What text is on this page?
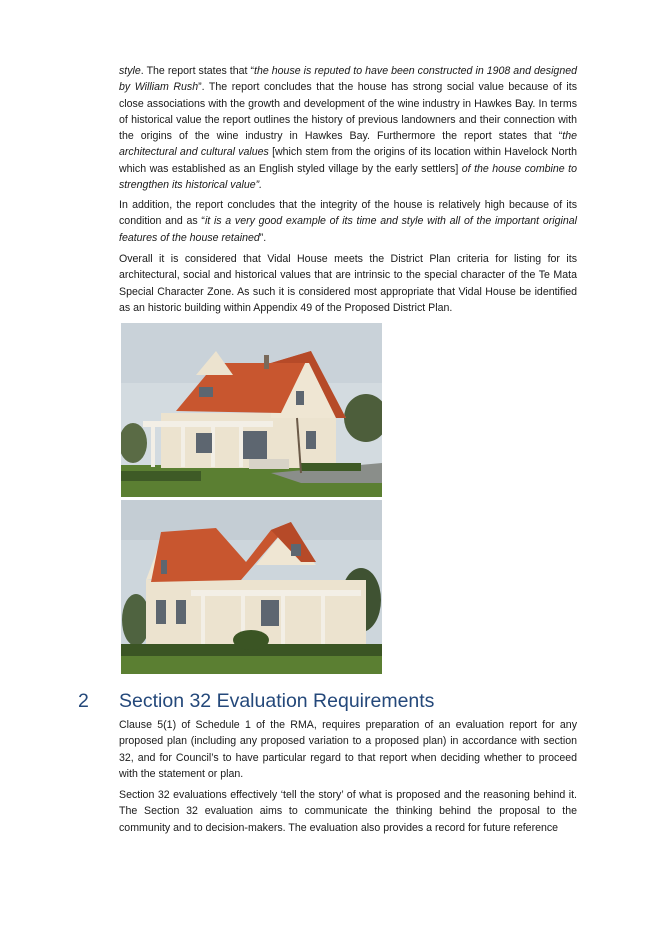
style. The report states that “the house is reputed to have been constructed in 1908 and designed by William Rush”. The report concludes that the house has strong social value because of its close associations with the growth and development of the wine industry in Hawkes Bay. In terms of historical value the report outlines the history of previous landowners and their connection with the origins of the wine industry in Hawkes Bay. Furthermore the report states that “the architectural and cultural values [which stem from the origins of its location within Havelock North which was established as an English styled village by the early settlers] of the house combine to strengthen its historical value”.

In addition, the report concludes that the integrity of the house is relatively high because of its condition and as “it is a very good example of its time and style with all of the important original features of the house retained”.

Overall it is considered that Vidal House meets the District Plan criteria for listing for its architectural, social and historical values that are intrinsic to the special character of the Te Mata Special Character Zone. As such it is considered most appropriate that Vidal House be identified as an historic building within Appendix 49 of the Proposed District Plan.

2 Section 32 Evaluation Requirements

Clause 5(1) of Schedule 1 of the RMA, requires preparation of an evaluation report for any proposed plan (including any proposed variation to a proposed plan) in accordance with section 32, and for Council’s to have particular regard to that report when deciding whether to proceed with the statement or plan.

Section 32 evaluations effectively ‘tell the story’ of what is proposed and the reasoning behind it. The Section 32 evaluation aims to communicate the thinking behind the proposal to the community and to decision-makers. The evaluation also provides a record for future reference
